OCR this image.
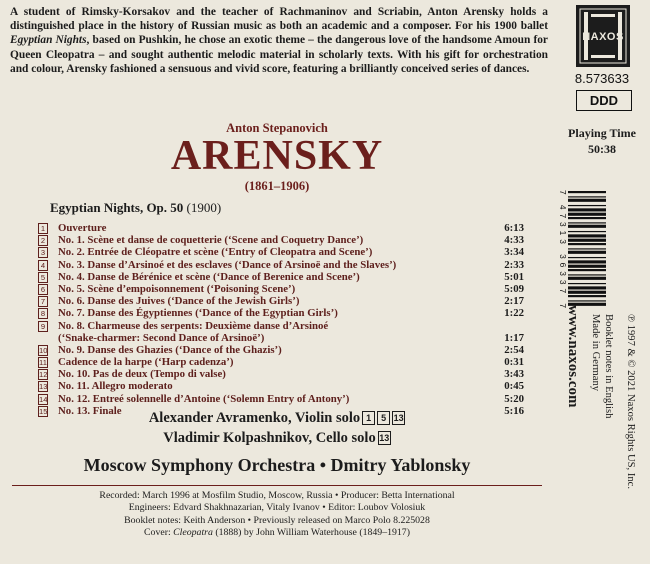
A student of Rimsky-Korsakov and the teacher of Rachmaninov and Scriabin, Anton Arensky holds a distinguished place in the history of Russian music as both an academic and a composer. For his 1900 ballet Egyptian Nights, based on Pushkin, he chose an exotic theme – the dangerous love of the handsome Amoun for Queen Cleopatra – and sought authentic melodic material in scholarly texts. With his gift for orchestration and colour, Arensky fashioned a sensuous and vivid score, featuring a brilliantly conceived series of dances.
Anton Stepanovich
ARENSKY
(1861–1906)
Egyptian Nights, Op. 50 (1900)
1 Ouverture	6:13
2 No. 1. Scène et danse de coquetterie (‘Scene and Coquetry Dance’)	4:33
3 No. 2. Entrée de Cléopatre et scène (‘Entry of Cleopatra and Scene’)	3:34
4 No. 3. Danse d’Arsinoé et des esclaves (‘Dance of Arsinoë and the Slaves’)	2:33
5 No. 4. Danse de Bérénice et scène (‘Dance of Berenice and Scene’)	5:01
6 No. 5. Scène d’empoisonnement (‘Poisoning Scene’)	5:09
7 No. 6. Danse des Juives (‘Dance of the Jewish Girls’)	2:17
8 No. 7. Danse des Égyptiennes (‘Dance of the Egyptian Girls’)	1:22
9 No. 8. Charmeuse des serpents: Deuxième danse d’Arsinoé
(‘Snake-charmer: Second Dance of Arsinoë’)	1:17
10 No. 9. Danse des Ghazies (‘Dance of the Ghazis’)	2:54
11 Cadence de la harpe (‘Harp cadenza’)	0:31
12 No. 10. Pas de deux (Tempo di valse)	3:43
13 No. 11. Allegro moderato	0:45
14 No. 12. Entreé solennelle d’Antoine (‘Solemn Entry of Antony’)	5:20
15 No. 13. Finale	5:16
Alexander Avramenko, Violin solo 1 5 13
Vladimir Kolpashnikov, Cello solo 13
Moscow Symphony Orchestra • Dmitry Yablonsky
Recorded: March 1996 at Mosfilm Studio, Moscow, Russia • Producer: Betta International
Engineers: Edvard Shakhnazarian, Vitaly Ivanov • Editor: Loubov Volosiuk
Booklet notes: Keith Anderson • Previously released on Marco Polo 8.225028
Cover: Cleopatra (1888) by John William Waterhouse (1849–1917)
NAXOS
8.573633
DDD
Playing Time
50:38
7 47313 36337 7
www.naxos.com Booklet notes in English
Made in Germany ℗ 1997 & © 2021 Naxos Rights US, Inc.
